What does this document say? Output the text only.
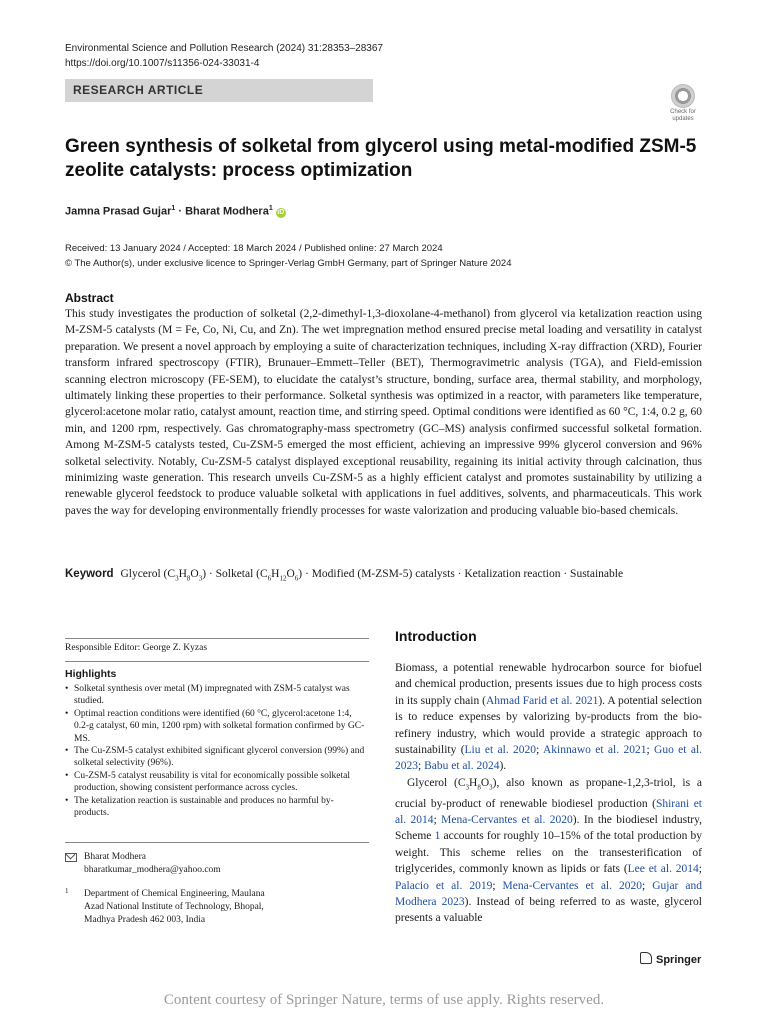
Environmental Science and Pollution Research (2024) 31:28353–28367
https://doi.org/10.1007/s11356-024-33031-4
RESEARCH ARTICLE
Check for updates
Green synthesis of solketal from glycerol using metal-modified ZSM-5 zeolite catalysts: process optimization
Jamna Prasad Gujar$^1$ · Bharat Modhera$^1$ iD
Received: 13 January 2024 / Accepted: 18 March 2024 / Published online: 27 March 2024
© The Author(s), under exclusive licence to Springer-Verlag GmbH Germany, part of Springer Nature 2024
Abstract
This study investigates the production of solketal (2,2-dimethyl-1,3-dioxolane-4-methanol) from glycerol via ketalization reaction using M-ZSM-5 catalysts (M = Fe, Co, Ni, Cu, and Zn). The wet impregnation method ensured precise metal loading and versatility in catalyst preparation. We present a novel approach by employing a suite of characterization techniques, including X-ray diffraction (XRD), Fourier transform infrared spectroscopy (FTIR), Brunauer–Emmett–Teller (BET), Thermogravimetric analysis (TGA), and Field-emission scanning electron microscopy (FE-SEM), to elucidate the catalyst’s structure, bonding, surface area, thermal stability, and morphology, ultimately linking these properties to their performance. Solketal synthesis was optimized in a reactor, with parameters like temperature, glycerol:acetone molar ratio, catalyst amount, reaction time, and stirring speed. Optimal conditions were identified as 60 °C, 1:4, 0.2 g, 60 min, and 1200 rpm, respectively. Gas chromatography-mass spectrometry (GC–MS) analysis confirmed successful solketal formation. Among M-ZSM-5 catalysts tested, Cu-ZSM-5 emerged the most efficient, achieving an impressive 99% glycerol conversion and 96% solketal selectivity. Notably, Cu-ZSM-5 catalyst displayed exceptional reusability, regaining its initial activity through calcination, thus minimizing waste generation. This research unveils Cu-ZSM-5 as a highly efficient catalyst and promotes sustainability by utilizing a renewable glycerol feedstock to produce valuable solketal with applications in fuel additives, solvents, and pharmaceuticals. This work paves the way for developing environmentally friendly processes for waste valorization and producing valuable bio-based chemicals.
Keyword Glycerol $(C_3H_8O_3)$ · Solketal $(C_6H_{12}O_6)$ · Modified (M-ZSM-5) catalysts · Ketalization reaction · Sustainable
Responsible Editor: George Z. Kyzas
Highlights
• Solketal synthesis over metal (M) impregnated with ZSM-5 catalyst was studied.
• Optimal reaction conditions were identified (60 °C, glycerol:acetone 1:4, 0.2-g catalyst, 60 min, 1200 rpm) with solketal formation confirmed by GC-MS.
• The Cu-ZSM-5 catalyst exhibited significant glycerol conversion (99%) and solketal selectivity (96%).
• Cu-ZSM-5 catalyst reusability is vital for economically possible solketal production, showing consistent performance across cycles.
• The ketalization reaction is sustainable and produces no harmful by-products.
Bharat Modhera
bharatkumar_modhera@yahoo.com
1 Department of Chemical Engineering, Maulana
Azad National Institute of Technology, Bhopal,
Madhya Pradesh 462 003, India
Introduction

Biomass, a potential renewable hydrocarbon source for biofuel and chemical production, presents issues due to high process costs in its supply chain (Ahmad Farid et al. 2021). A potential selection is to reduce expenses by valorizing by-products from the bio-refinery industry, which would provide a strategic approach to sustainability (Liu et al. 2020; Akinnawo et al. 2021; Guo et al. 2023; Babu et al. 2024).

Glycerol $(C_3H_8O_3)$, also known as propane-1,2,3-triol, is a crucial by-product of renewable biodiesel production (Shirani et al. 2014; Mena-Cervantes et al. 2020). In the biodiesel industry, Scheme 1 accounts for roughly 10–15% of the total production by weight. This scheme relies on the transesterification of triglycerides, commonly known as lipids or fats (Lee et al. 2014; Palacio et al. 2019; Mena-Cervantes et al. 2020; Gujar and Modhera 2023). Instead of being referred to as waste, glycerol presents a valuable

Springer
Content courtesy of Springer Nature, terms of use apply. Rights reserved.
